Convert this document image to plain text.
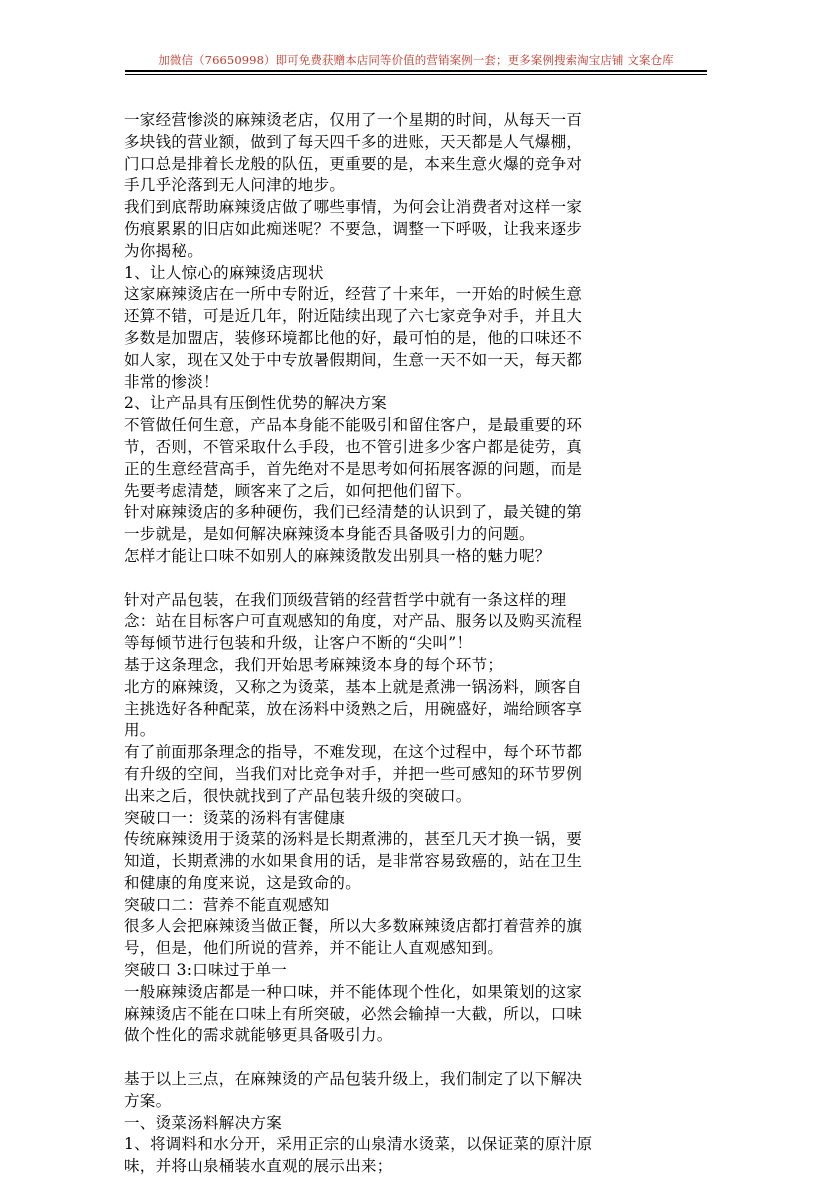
加微信（76650998）即可免费获赠本店同等价值的营销案例一套；更多案例搜索淘宝店铺 文案仓库

一家经营惨淡的麻辣烫老店，仅用了一个星期的时间，从每天一百多块钱的营业额，做到了每天四千多的进账，天天都是人气爆棚，门口总是排着长龙般的队伍，更重要的是，本来生意火爆的竞争对手几乎沦落到无人问津的地步。

我们到底帮助麻辣烫店做了哪些事情，为何会让消费者对这样一家伤痕累累的旧店如此痴迷呢？不要急，调整一下呼吸，让我来逐步为你揭秘。

1、让人惊心的麻辣烫店现状

这家麻辣烫店在一所中专附近，经营了十来年，一开始的时候生意还算不错，可是近几年，附近陆续出现了六七家竞争对手，并且大多数是加盟店，装修环境都比他的好，最可怕的是，他的口味还不如人家，现在又处于中专放暑假期间，生意一天不如一天，每天都非常的惨淡！

2、让产品具有压倒性优势的解决方案

不管做任何生意，产品本身能不能吸引和留住客户，是最重要的环节，否则，不管采取什么手段，也不管引进多少客户都是徒劳，真正的生意经营高手，首先绝对不是思考如何拓展客源的问题，而是先要考虑清楚，顾客来了之后，如何把他们留下。

针对麻辣烫店的多种硬伤，我们已经清楚的认识到了，最关键的第一步就是，是如何解决麻辣烫本身能否具备吸引力的问题。

怎样才能让口味不如别人的麻辣烫散发出别具一格的魅力呢？

针对产品包装，在我们顶级营销的经营哲学中就有一条这样的理念：站在目标客户可直观感知的角度，对产品、服务以及购买流程等每倾节进行包装和升级，让客户不断的“尖叫”！

基于这条理念，我们开始思考麻辣烫本身的每个环节；

北方的麻辣烫，又称之为烫菜，基本上就是煮沸一锅汤料，顾客自主挑选好各种配菜，放在汤料中烫熟之后，用碗盛好，端给顾客享用。

有了前面那条理念的指导，不难发现，在这个过程中，每个环节都有升级的空间，当我们对比竞争对手，并把一些可感知的环节罗例出来之后，很快就找到了产品包装升级的突破口。

突破口一：烫菜的汤料有害健康

传统麻辣烫用于烫菜的汤料是长期煮沸的，甚至几天才换一锅，要知道，长期煮沸的水如果食用的话，是非常容易致癌的，站在卫生和健康的角度来说，这是致命的。

突破口二：营养不能直观感知

很多人会把麻辣烫当做正餐，所以大多数麻辣烫店都打着营养的旗号，但是，他们所说的营养，并不能让人直观感知到。

突破口 3:口味过于单一

一般麻辣烫店都是一种口味，并不能体现个性化，如果策划的这家麻辣烫店不能在口味上有所突破，必然会输掉一大截，所以，口味做个性化的需求就能够更具备吸引力。

基于以上三点，在麻辣烫的产品包装升级上，我们制定了以下解决方案。

一、烫菜汤料解决方案

1、将调料和水分开，采用正宗的山泉清水烫菜，以保证菜的原汁原味，并将山泉桶装水直观的展示出来；
